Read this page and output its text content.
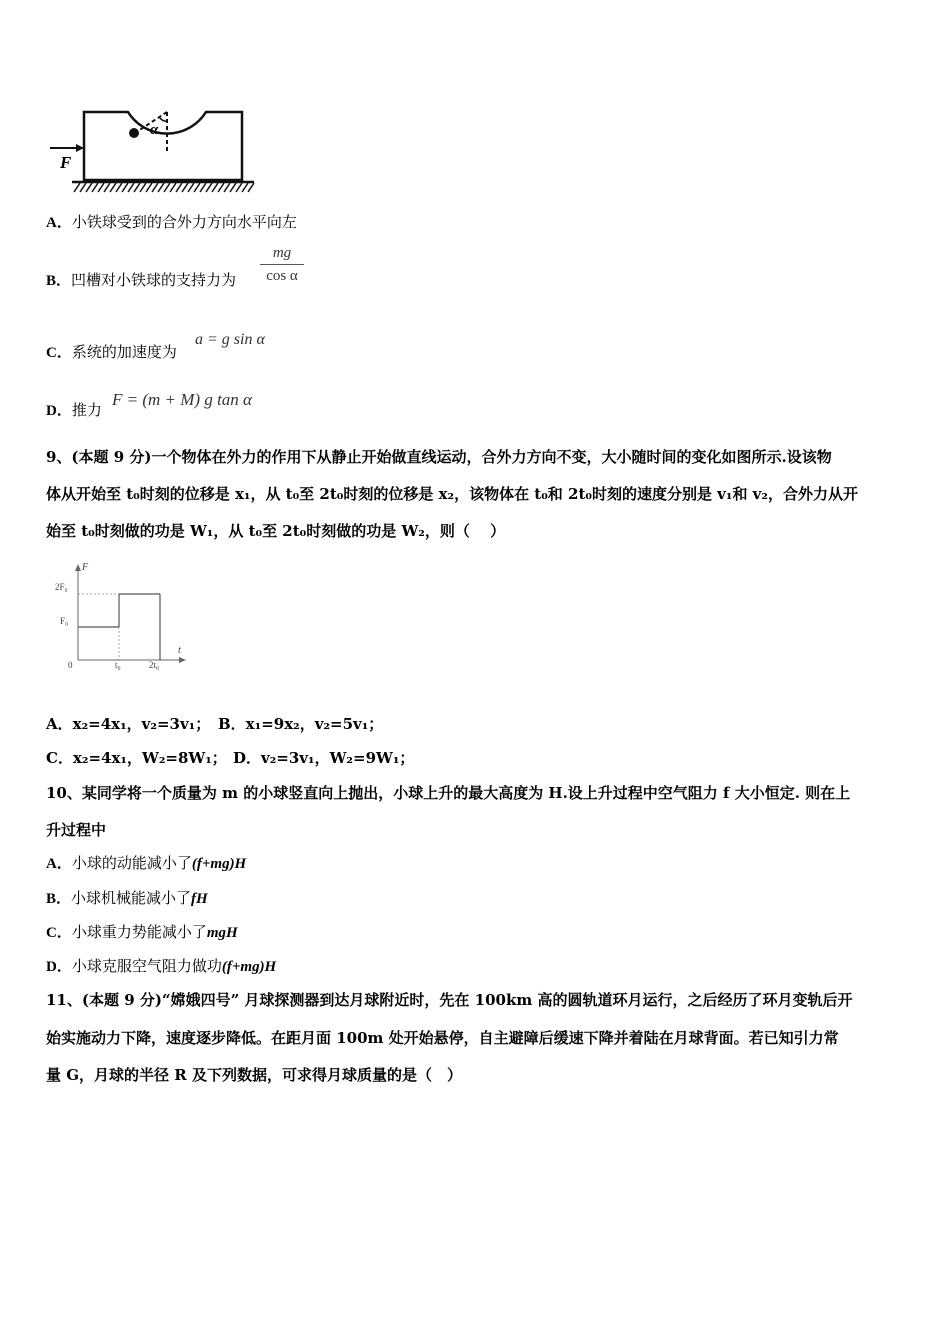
α
F
A．小铁球受到的合外力方向水平向左
B．凹槽对小铁球的支持力为
mg
cos α
C．系统的加速度为
a = g sin α
D．推力
F = (m + M) g tan α
9、(本题 9 分)一个物体在外力的作用下从静止开始做直线运动，合外力方向不变，大小随时间的变化如图所示.设该物
体从开始至 t₀时刻的位移是 x₁，从 t₀至 2t₀时刻的位移是 x₂，该物体在 t₀和 2t₀时刻的速度分别是 v₁和 v₂，合外力从开
始至 t₀时刻做的功是 W₁，从 t₀至 2t₀时刻做的功是 W₂，则（　 ）
F
t
0	t₀	2t₀
F₀
2F₀
A．x₂=4x₁，v₂=3v₁； B．x₁=9x₂，v₂=5v₁；
C．x₂=4x₁，W₂=8W₁； D．v₂=3v₁，W₂=9W₁；
10、某同学将一个质量为 m 的小球竖直向上抛出，小球上升的最大高度为 H.设上升过程中空气阻力 f 大小恒定. 则在上
升过程中
A．小球的动能减小了(f+mg)H
B．小球机械能减小了fH
C．小球重力势能减小了mgH
D．小球克服空气阻力做功(f+mg)H
11、(本题 9 分)“嫦娥四号” 月球探测器到达月球附近时，先在 100km 高的圆轨道环月运行，之后经历了环月变轨后开
始实施动力下降，速度逐步降低。在距月面 100m 处开始悬停，自主避障后缓速下降并着陆在月球背面。若已知引力常
量 G，月球的半径 R 及下列数据，可求得月球质量的是（　）
